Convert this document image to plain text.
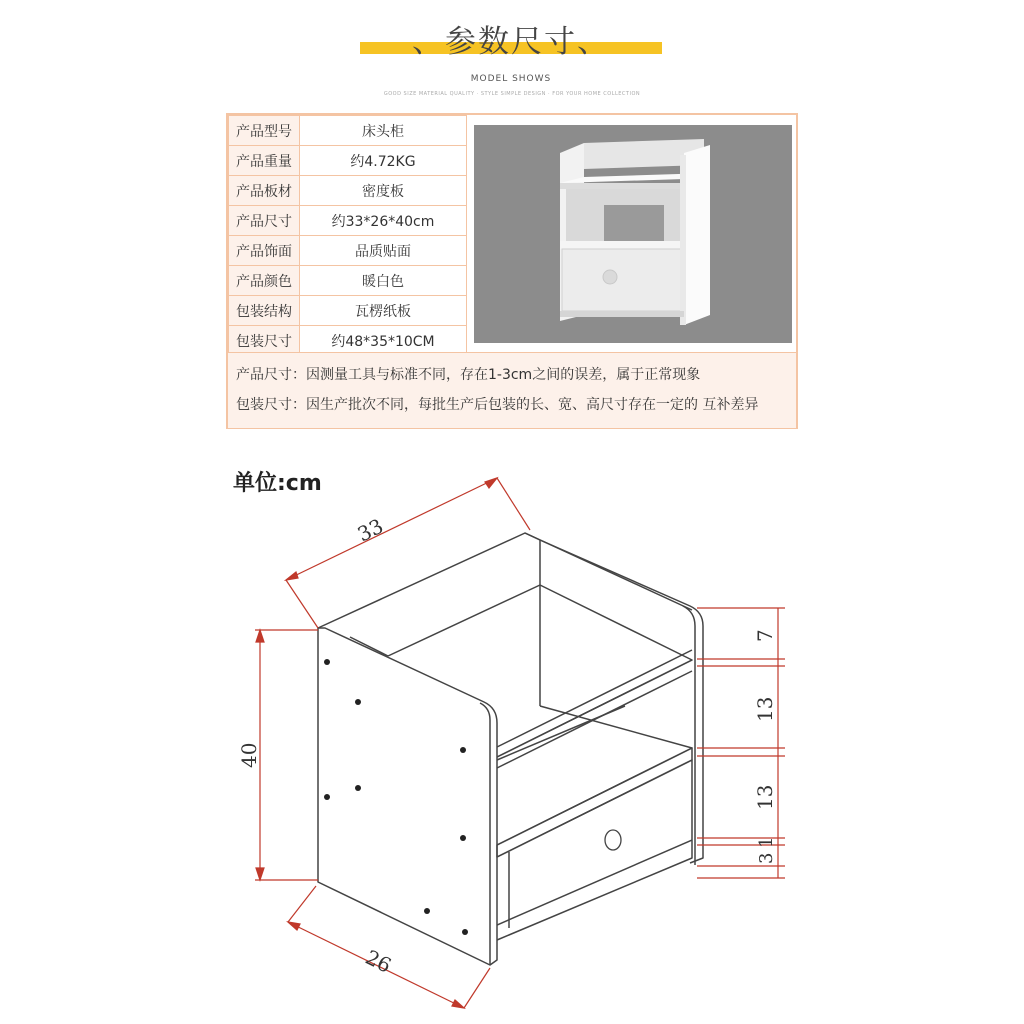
、参数尺寸、
MODEL SHOWS
GOOD SIZE MATERIAL QUALITY · STYLE SIMPLE DESIGN · FOR YOUR HOME COLLECTION
产品型号	床头柜
产品重量	约4.72KG
产品板材	密度板
产品尺寸	约33*26*40cm
产品饰面	品质贴面
产品颜色	暖白色
包装结构	瓦楞纸板
包装尺寸	约48*35*10CM
产品尺寸：因测量工具与标准不同，存在1-3cm之间的误差，属于正常现象
包装尺寸：因生产批次不同，每批生产后包装的长、宽、高尺寸存在一定的 互补差异
单位:cm
33
40
26
7
13
13
3
1
